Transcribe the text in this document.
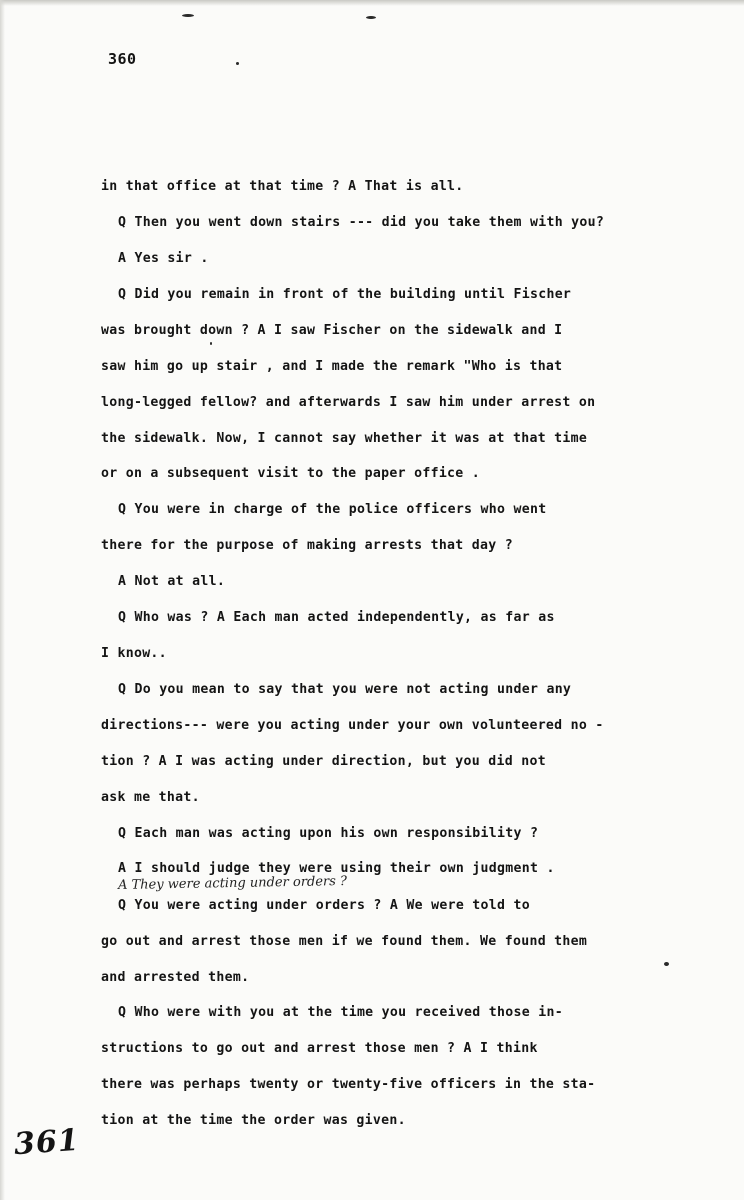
360
in that office at that time ? A That is all.
Q Then you went down stairs --- did you take them with you?
A Yes sir .
Q Did you remain in front of the building until Fischer
was brought down ? A I saw Fischer on the sidewalk and I
saw him go up stair , and I made the remark "Who is that
long-legged fellow? and afterwards I saw him under arrest on
the sidewalk. Now, I cannot say whether it was at that time
or on a subsequent visit to the paper office .
Q You were in charge of the police officers who went
there for the purpose of making arrests that day ?
A Not at all.
Q Who was ? A Each man acted independently, as far as
I know..
Q Do you mean to say that you were not acting under any
directions--- were you acting under your own volunteered no -
tion ? A I was acting under direction, but you did not
ask me that.
Q Each man was acting upon his own responsibility ?
A I should judge they were using their own judgment .
Q You were acting under orders ? A We were told to
go out and arrest those men if we found them. We found them
and arrested them.
Q Who were with you at the time you received those in-
structions to go out and arrest those men ? A I think
there was perhaps twenty or twenty-five officers in the sta-
tion at the time the order was given.
A They were acting under orders ?
361
